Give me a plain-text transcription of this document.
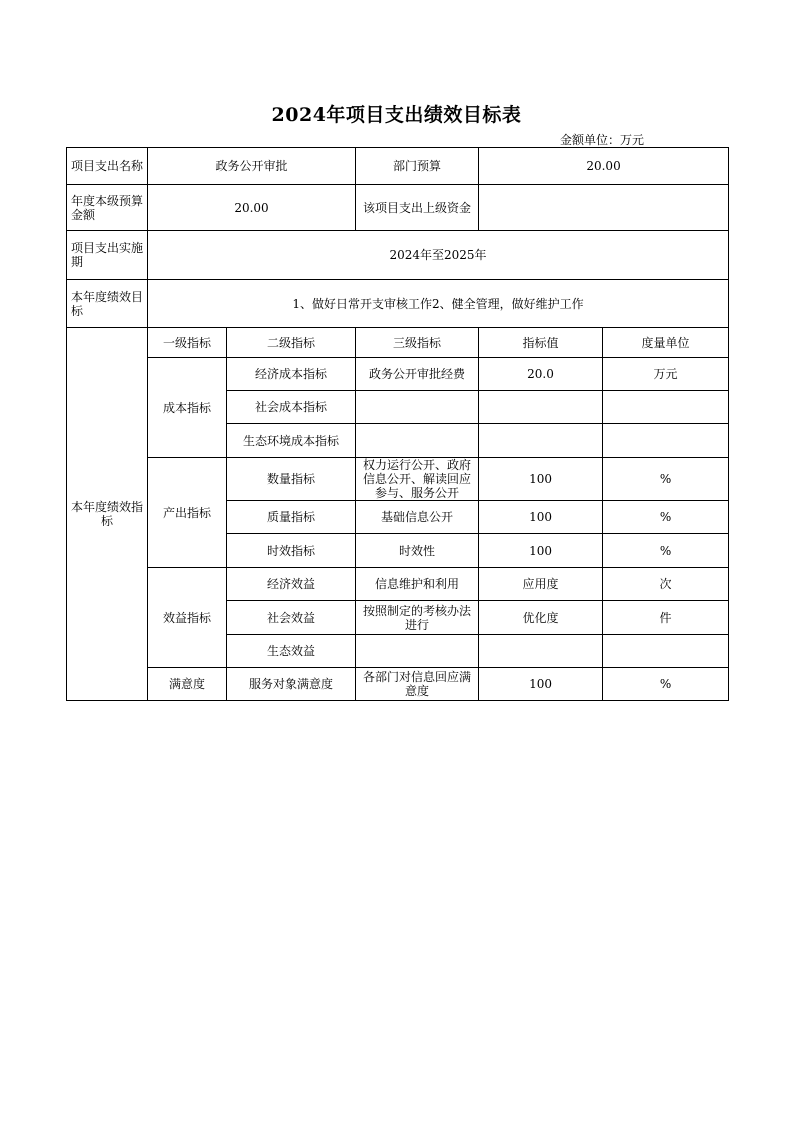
2024年项目支出绩效目标表
金额单位：万元
项目支出名称	政务公开审批		部门预算	20.00	
年度本级预算金额	20.00		该项目支出上级资金		
项目支出实施期	2024年至2025年				
本年度绩效目标	1、做好日常开支审核工作2、健全管理，做好维护工作				
本年度绩效指标	一级指标	二级指标	三级指标	指标值	度量单位
	成本指标	经济成本指标	政务公开审批经费	20.0	万元
		社会成本指标			
		生态环境成本指标			
	产出指标	数量指标	权力运行公开、政府信息公开、解读回应参与、服务公开	100	%
		质量指标	基础信息公开	100	%
		时效指标	时效性	100	%
	效益指标	经济效益	信息维护和利用	应用度	次
		社会效益	按照制定的考核办法进行	优化度	件
		生态效益			
	满意度	服务对象满意度	各部门对信息回应满意度	100	%
